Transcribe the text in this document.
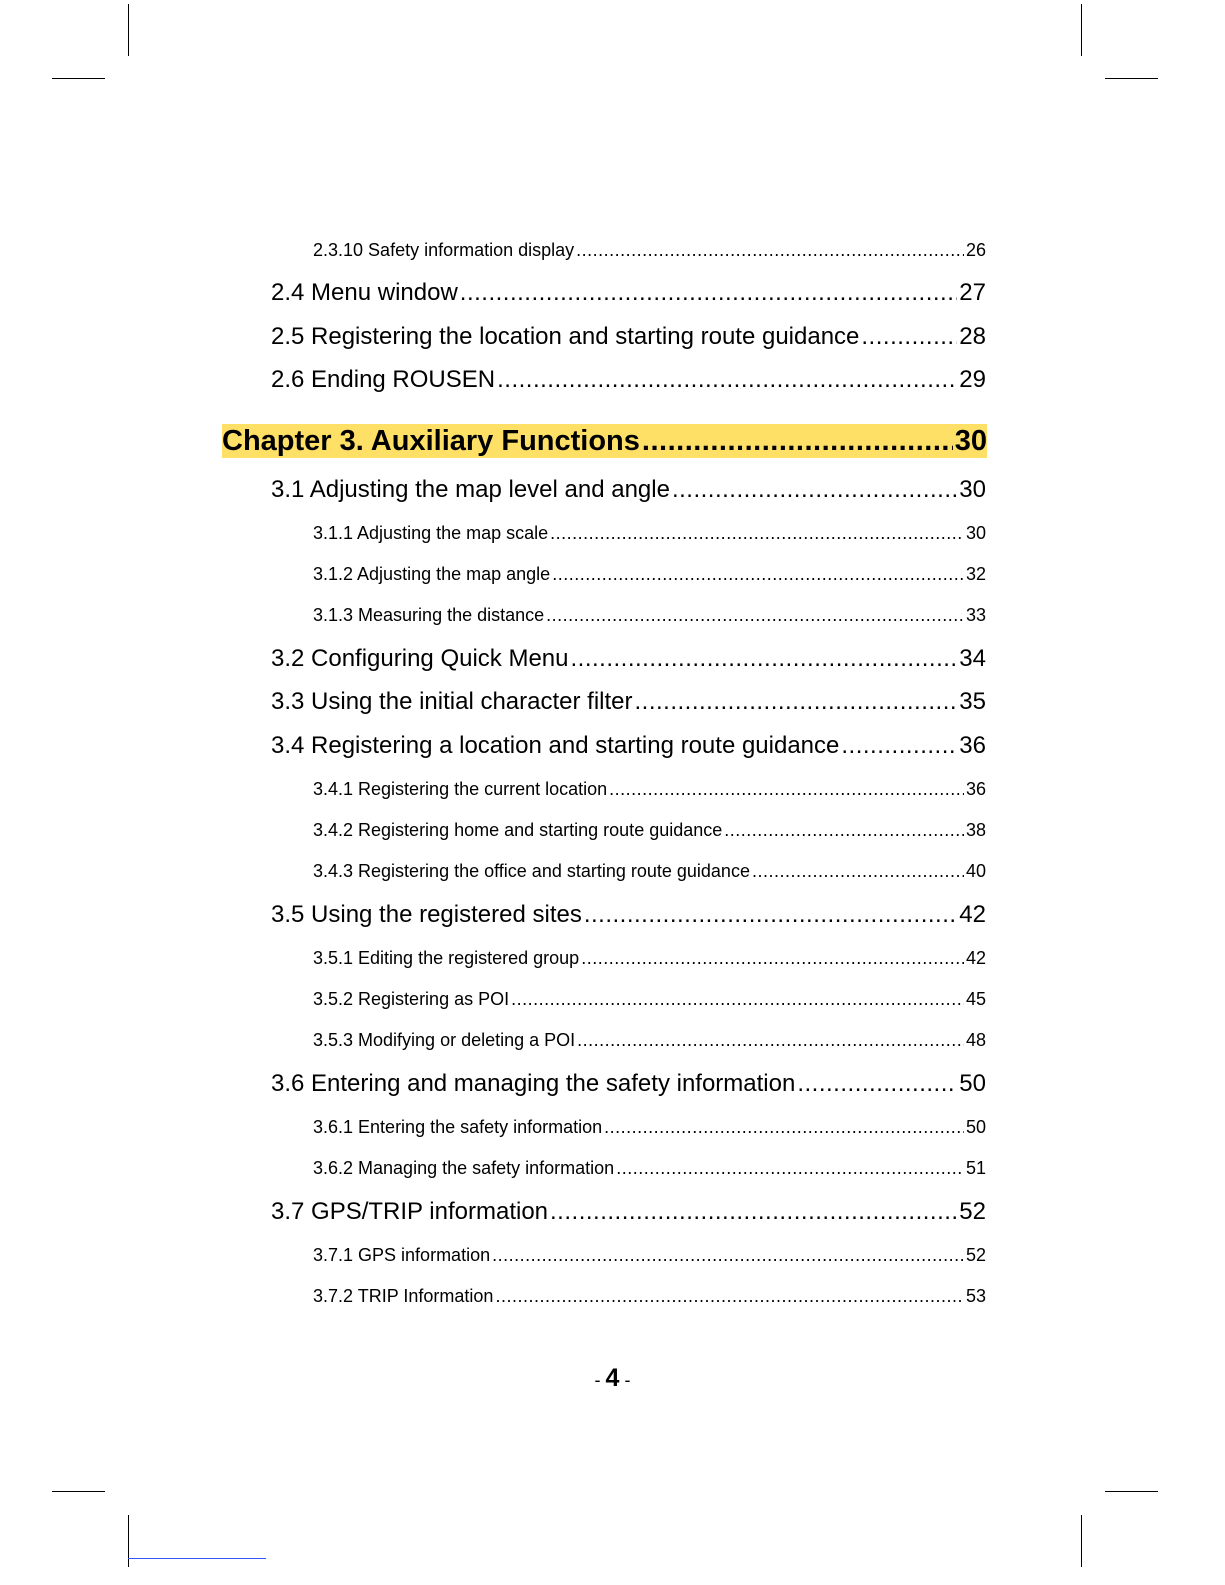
2.3.10 Safety information display .....	26
2.4 Menu window .....	27
2.5 Registering the location and starting route guidance .....	28
2.6 Ending ROUSEN .....	29
Chapter 3. Auxiliary Functions .....	30
3.1 Adjusting the map level and angle .....	30
3.1.1 Adjusting the map scale .....	30
3.1.2 Adjusting the map angle .....	32
3.1.3 Measuring the distance .....	33
3.2 Configuring Quick Menu .....	34
3.3 Using the initial character filter .....	35
3.4 Registering a location and starting route guidance .....	36
3.4.1 Registering the current location .....	36
3.4.2 Registering home and starting route guidance .....	38
3.4.3 Registering the office and starting route guidance .....	40
3.5 Using the registered sites .....	42
3.5.1 Editing the registered group .....	42
3.5.2 Registering as POI .....	45
3.5.3 Modifying or deleting a POI .....	48
3.6 Entering and managing the safety information .....	50
3.6.1 Entering the safety information .....	50
3.6.2 Managing the safety information .....	51
3.7 GPS/TRIP information .....	52
3.7.1 GPS information .....	52
3.7.2 TRIP Information .....	53
- 4 -
